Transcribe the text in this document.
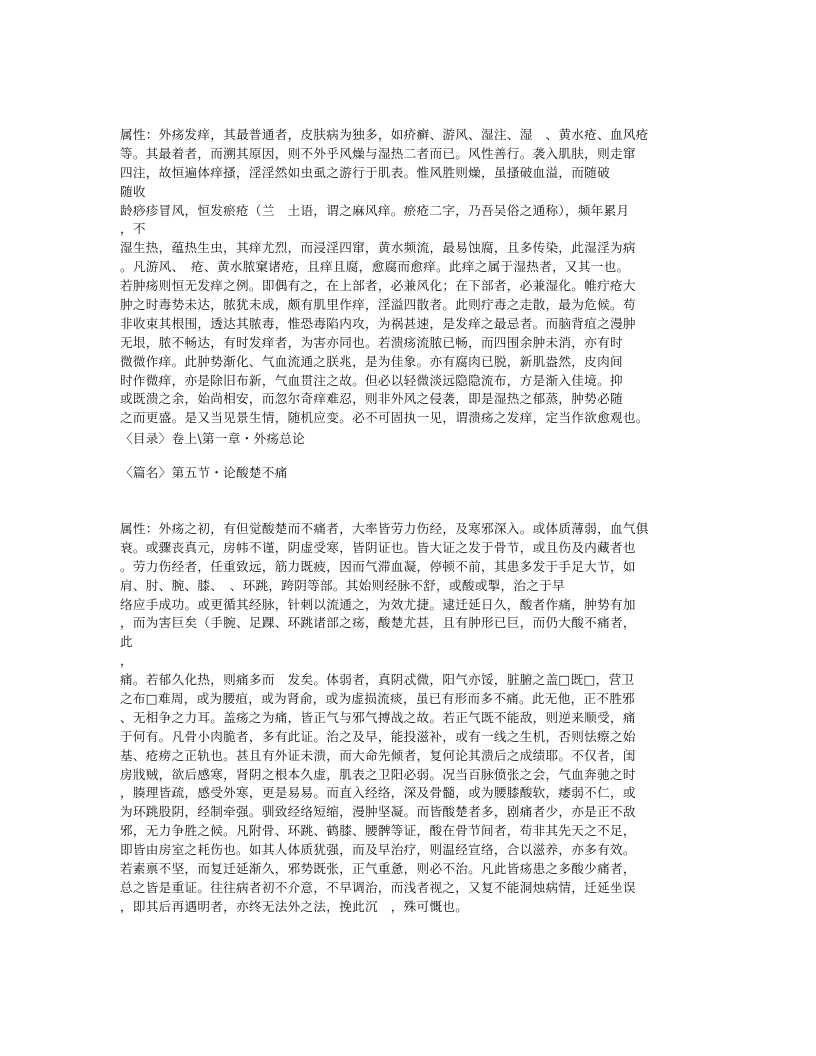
属性：外疡发痒，其最普通者，皮肤病为独多，如疥癣、游风、湿注、湿　、黄水疮、血风疮
等。其最着者，而溯其原因，则不外乎风燥与湿热二者而已。风性善行。袭入肌肤，则走窜
四注，故恒遍体痒搔，淫淫然如虫虱之游行于肌表。惟风胜则燥，虽搔破血溢，而随破
随收
龄痧疹冒风，恒发瘀疮（兰　土语，谓之麻风痒。瘀疮二字，乃吾吴俗之通称），频年累月
，不
湿生热，蕴热生虫，其痒尤烈，而浸淫四窜，黄水频流，最易蚀腐，且多传染，此湿淫为病
。凡游风、　疮、黄水脓窠诸疮，且痒且腐，愈腐而愈痒。此痒之属于湿热者，又其一也。
若肿疡则恒无发痒之例。即偶有之，在上部者，必兼风化；在下部者，必兼湿化。帷疔疮大
肿之时毒势未达，脓犹未成，颇有肌里作痒，淫溢四散者。此则疔毒之走散，最为危候。苟
非收束其根围，透达其脓毒，惟恐毒陷内攻，为祸甚速，是发痒之最忌者。而脑背疽之漫肿
无垠，脓不畅达，有时发痒者，为害亦同也。若溃疡流脓已畅，而四围余肿未消，亦有时
微微作痒。此肿势渐化、气血流通之朕兆，是为佳象。亦有腐肉已脱，新肌盎然，皮肉间
时作微痒，亦是除旧布新，气血贯注之故。但必以轻微淡远隐隐流布，方是渐入佳境。抑
或既溃之余，始尚相安，而忽尔奇痒难忍，则非外风之侵袭，即是湿热之郁蒸，肿势必随
之而更盛。是又当见景生情，随机应变。必不可固执一见，谓溃疡之发痒，定当作欲愈观也。
〈目录〉卷上\第一章・外疡总论
〈篇名〉第五节・论酸楚不痛
属性：外疡之初，有但觉酸楚而不痛者，大率皆劳力伤经，及寒邪深入。或体质薄弱，血气俱
衰。或骤丧真元，房帏不谨，阴虚受寒，皆阴证也。皆大证之发于骨节，或且伤及内藏者也
。劳力伤经者，任重致远，筋力既疲，因而气滞血凝，停顿不前，其患多发于手足大节，如
肩、肘、腕、膝、　、环跳，跨阴等部。其始则经脉不舒，或酸或掣，治之于早
络应手成功。或更循其经脉，针刺以流通之，为效尤捷。逮迁延日久，酸者作痛，肿势有加
，而为害巨矣（手腕、足踝、环跳诸部之疡，酸楚尤甚，且有肿形已巨，而仍大酸不痛者，
此
，
痛。若郁久化热，则痛多而　发矣。体弱者，真阴忒微，阳气亦馁，脏腑之盖□既□，营卫
之布□难周，或为腰疽，或为肾俞，或为虚损流痰，虽已有形而多不痛。此无他，正不胜邪
、无相争之力耳。盖疡之为痛，皆正气与邪气搏战之故。若正气既不能敌，则逆来顺受，痛
于何有。凡骨小肉脆者，多有此证。治之及早，能投滋补，或有一线之生机，否则怯瘵之始
基、疮痨之正轨也。甚且有外证未溃，而大命先倾者，复何论其溃后之成绩耶。不仅者，闺
房戕贼，欲后感寒，肾阴之根本久虚，肌表之卫阳必弱。况当百脉偾张之会，气血奔驰之时
，腠理皆疏，感受外寒，更是易易。而直入经络，深及骨髓，或为腰膝酸软，痿弱不仁，或
为环跳股阴，经制牵强。驯致经络短缩，漫肿坚凝。而皆酸楚者多，剧痛者少，亦是正不敌
邪，无力争胜之候。凡附骨、环跳、鹤膝、腰髀等证，酸在骨节间者，苟非其先天之不足，
即皆由房室之耗伤也。如其人体质犹强，而及早治疗，则温经宣络，合以滋养，亦多有效。
若素禀不坚，而复迁延渐久，邪势既张，正气重惫，则必不治。凡此皆疡患之多酸少痛者，
总之皆是重证。往往病者初不介意，不早调治，而浅者视之，又复不能洞烛病情，迁延坐误
，即其后再遇明者，亦终无法外之法，挽此沉　，殊可慨也。
